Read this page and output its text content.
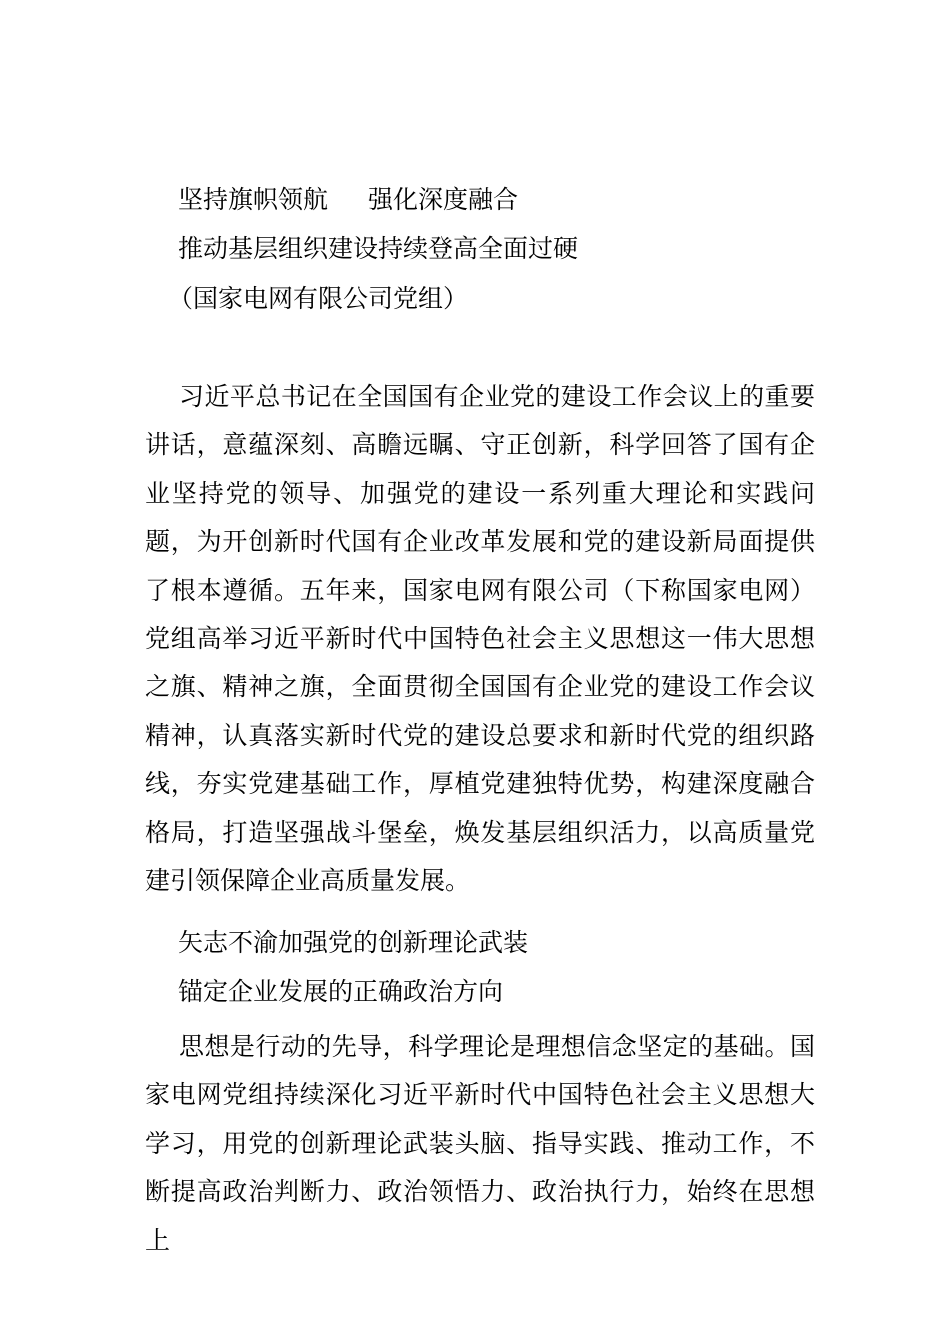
坚持旗帜领航 强化深度融合
推动基层组织建设持续登高全面过硬
（国家电网有限公司党组）

习近平总书记在全国国有企业党的建设工作会议上的重要讲话，意蕴深刻、高瞻远瞩、守正创新，科学回答了国有企业坚持党的领导、加强党的建设一系列重大理论和实践问题，为开创新时代国有企业改革发展和党的建设新局面提供了根本遵循。五年来，国家电网有限公司（下称国家电网）党组高举习近平新时代中国特色社会主义思想这一伟大思想之旗、精神之旗，全面贯彻全国国有企业党的建设工作会议精神，认真落实新时代党的建设总要求和新时代党的组织路线，夯实党建基础工作，厚植党建独特优势，构建深度融合格局，打造坚强战斗堡垒，焕发基层组织活力，以高质量党建引领保障企业高质量发展。

矢志不渝加强党的创新理论武装
锚定企业发展的正确政治方向

思想是行动的先导，科学理论是理想信念坚定的基础。国家电网党组持续深化习近平新时代中国特色社会主义思想大学习，用党的创新理论武装头脑、指导实践、推动工作，不断提高政治判断力、政治领悟力、政治执行力，始终在思想上
